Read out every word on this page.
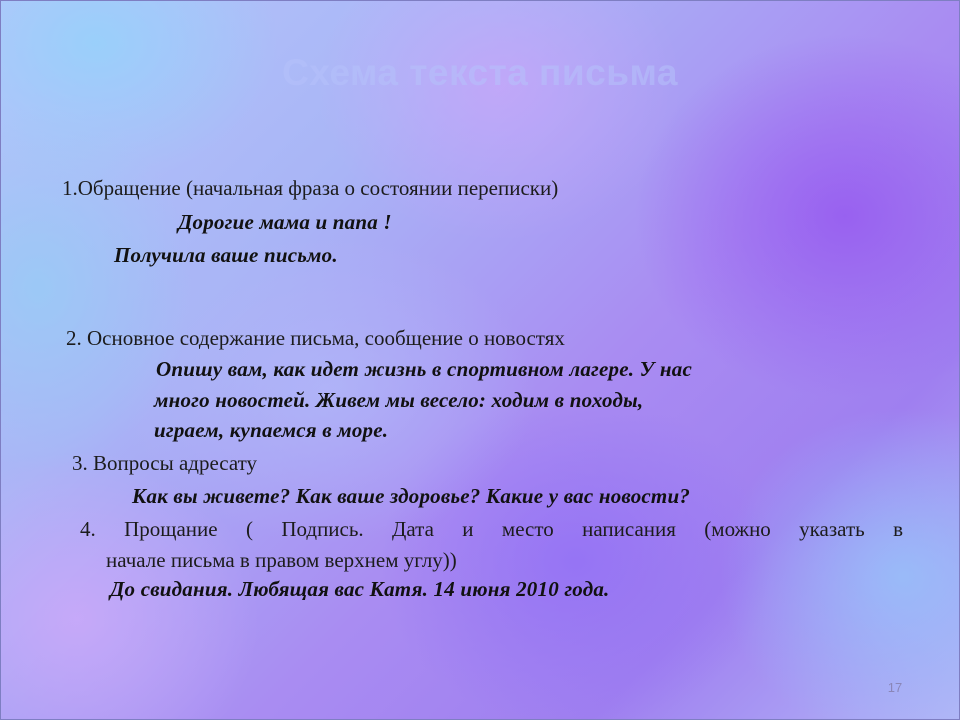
Схема текста письма

1.Обращение (начальная фраза о состоянии переписки)

Дорогие мама и папа !

Получила ваше письмо.

2. Основное содержание письма, сообщение о новостях

Опишу вам, как идет жизнь в спортивном лагере. У нас

много новостей. Живем мы весело: ходим в походы,

играем, купаемся в море.

3. Вопросы адресату

Как вы живете? Как ваше здоровье? Какие у вас новости?

4. Прощание ( Подпись. Дата и место написания (можно указать в
начале письма в правом верхнем углу))

До свидания. Любящая вас Катя. 14 июня 2010 года.

17
